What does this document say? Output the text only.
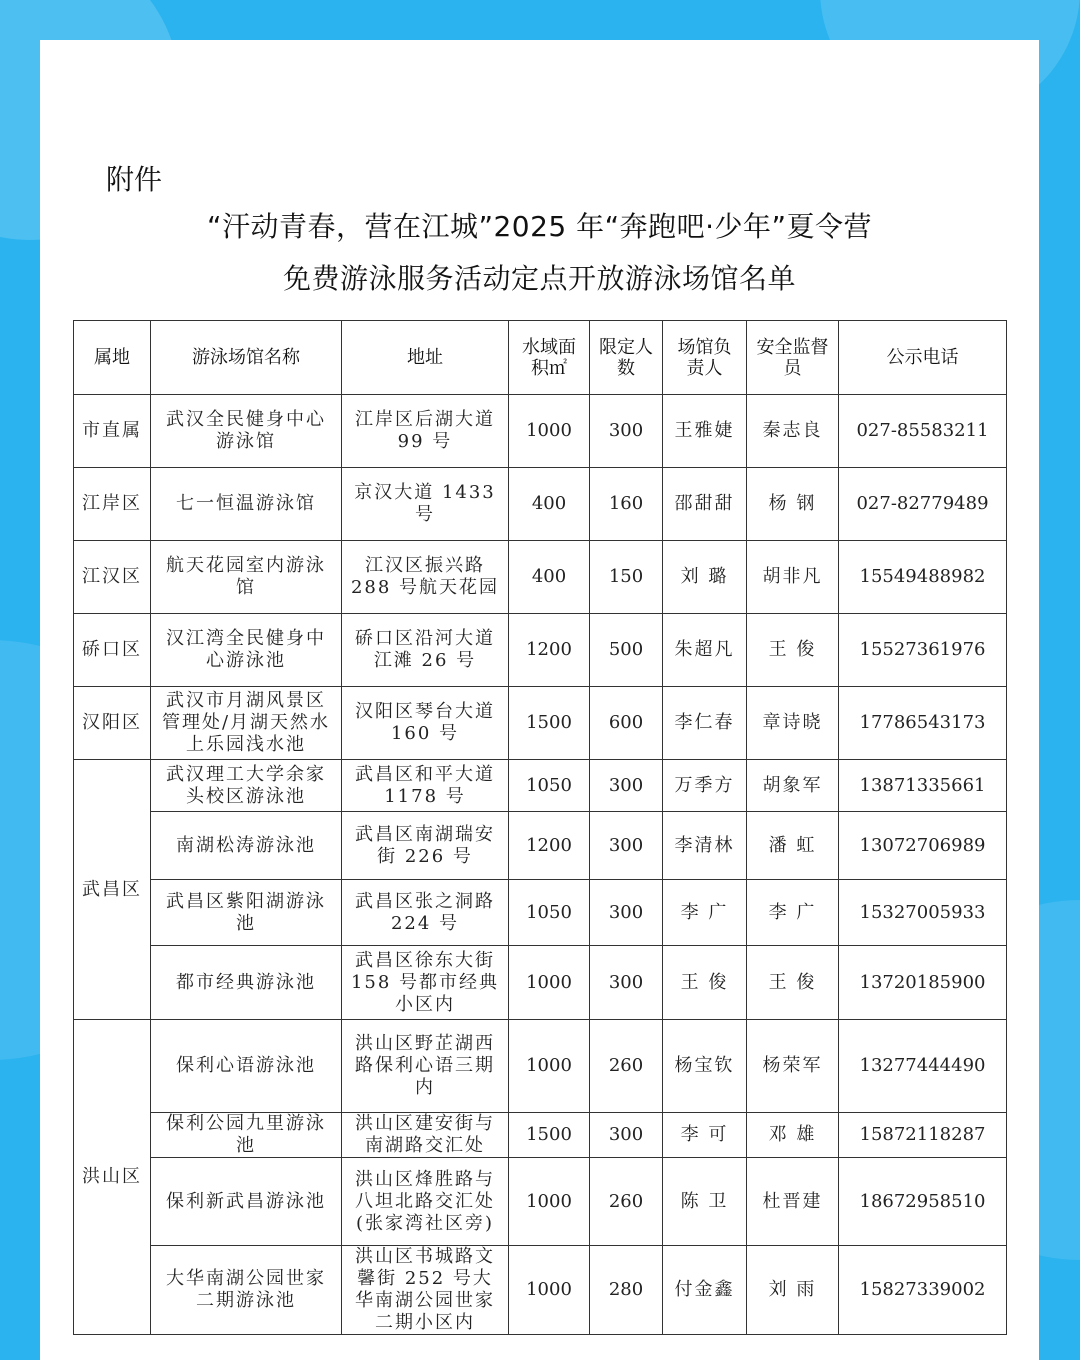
附件
“汗动青春，营在江城”2025 年“奔跑吧·少年”夏令营
免费游泳服务活动定点开放游泳场馆名单
属地	游泳场馆名称	地址	水域面积㎡	限定人数	场馆负责人	安全监督员	公示电话
市直属	武汉全民健身中心游泳馆	江岸区后湖大道 99 号	1000	300	王雅婕	秦志良	027-85583211
江岸区	七一恒温游泳馆	京汉大道 1433 号	400	160	邵甜甜	杨 钢	027-82779489
江汉区	航天花园室内游泳馆	江汉区振兴路 288 号航天花园	400	150	刘 璐	胡非凡	15549488982
硚口区	汉江湾全民健身中心游泳池	硚口区沿河大道江滩 26 号	1200	500	朱超凡	王 俊	15527361976
汉阳区	武汉市月湖风景区管理处/月湖天然水上乐园浅水池	汉阳区琴台大道 160 号	1500	600	李仁春	章诗晓	17786543173
武昌区	武汉理工大学余家头校区游泳池	武昌区和平大道 1178 号	1050	300	万季方	胡象军	13871335661
	南湖松涛游泳池	武昌区南湖瑞安街 226 号	1200	300	李清林	潘 虹	13072706989
	武昌区紫阳湖游泳池	武昌区张之洞路 224 号	1050	300	李 广	李 广	15327005933
	都市经典游泳池	武昌区徐东大街 158 号都市经典小区内	1000	300	王 俊	王 俊	13720185900
洪山区	保利心语游泳池	洪山区野芷湖西路保利心语三期内	1000	260	杨宝钦	杨荣军	13277444490
	保利公园九里游泳池	洪山区建安街与南湖路交汇处	1500	300	李 可	邓 雄	15872118287
	保利新武昌游泳池	洪山区烽胜路与八坦北路交汇处(张家湾社区旁)	1000	260	陈 卫	杜晋建	18672958510
	大华南湖公园世家二期游泳池	洪山区书城路文馨街 252 号大华南湖公园世家二期小区内	1000	280	付金鑫	刘 雨	15827339002
